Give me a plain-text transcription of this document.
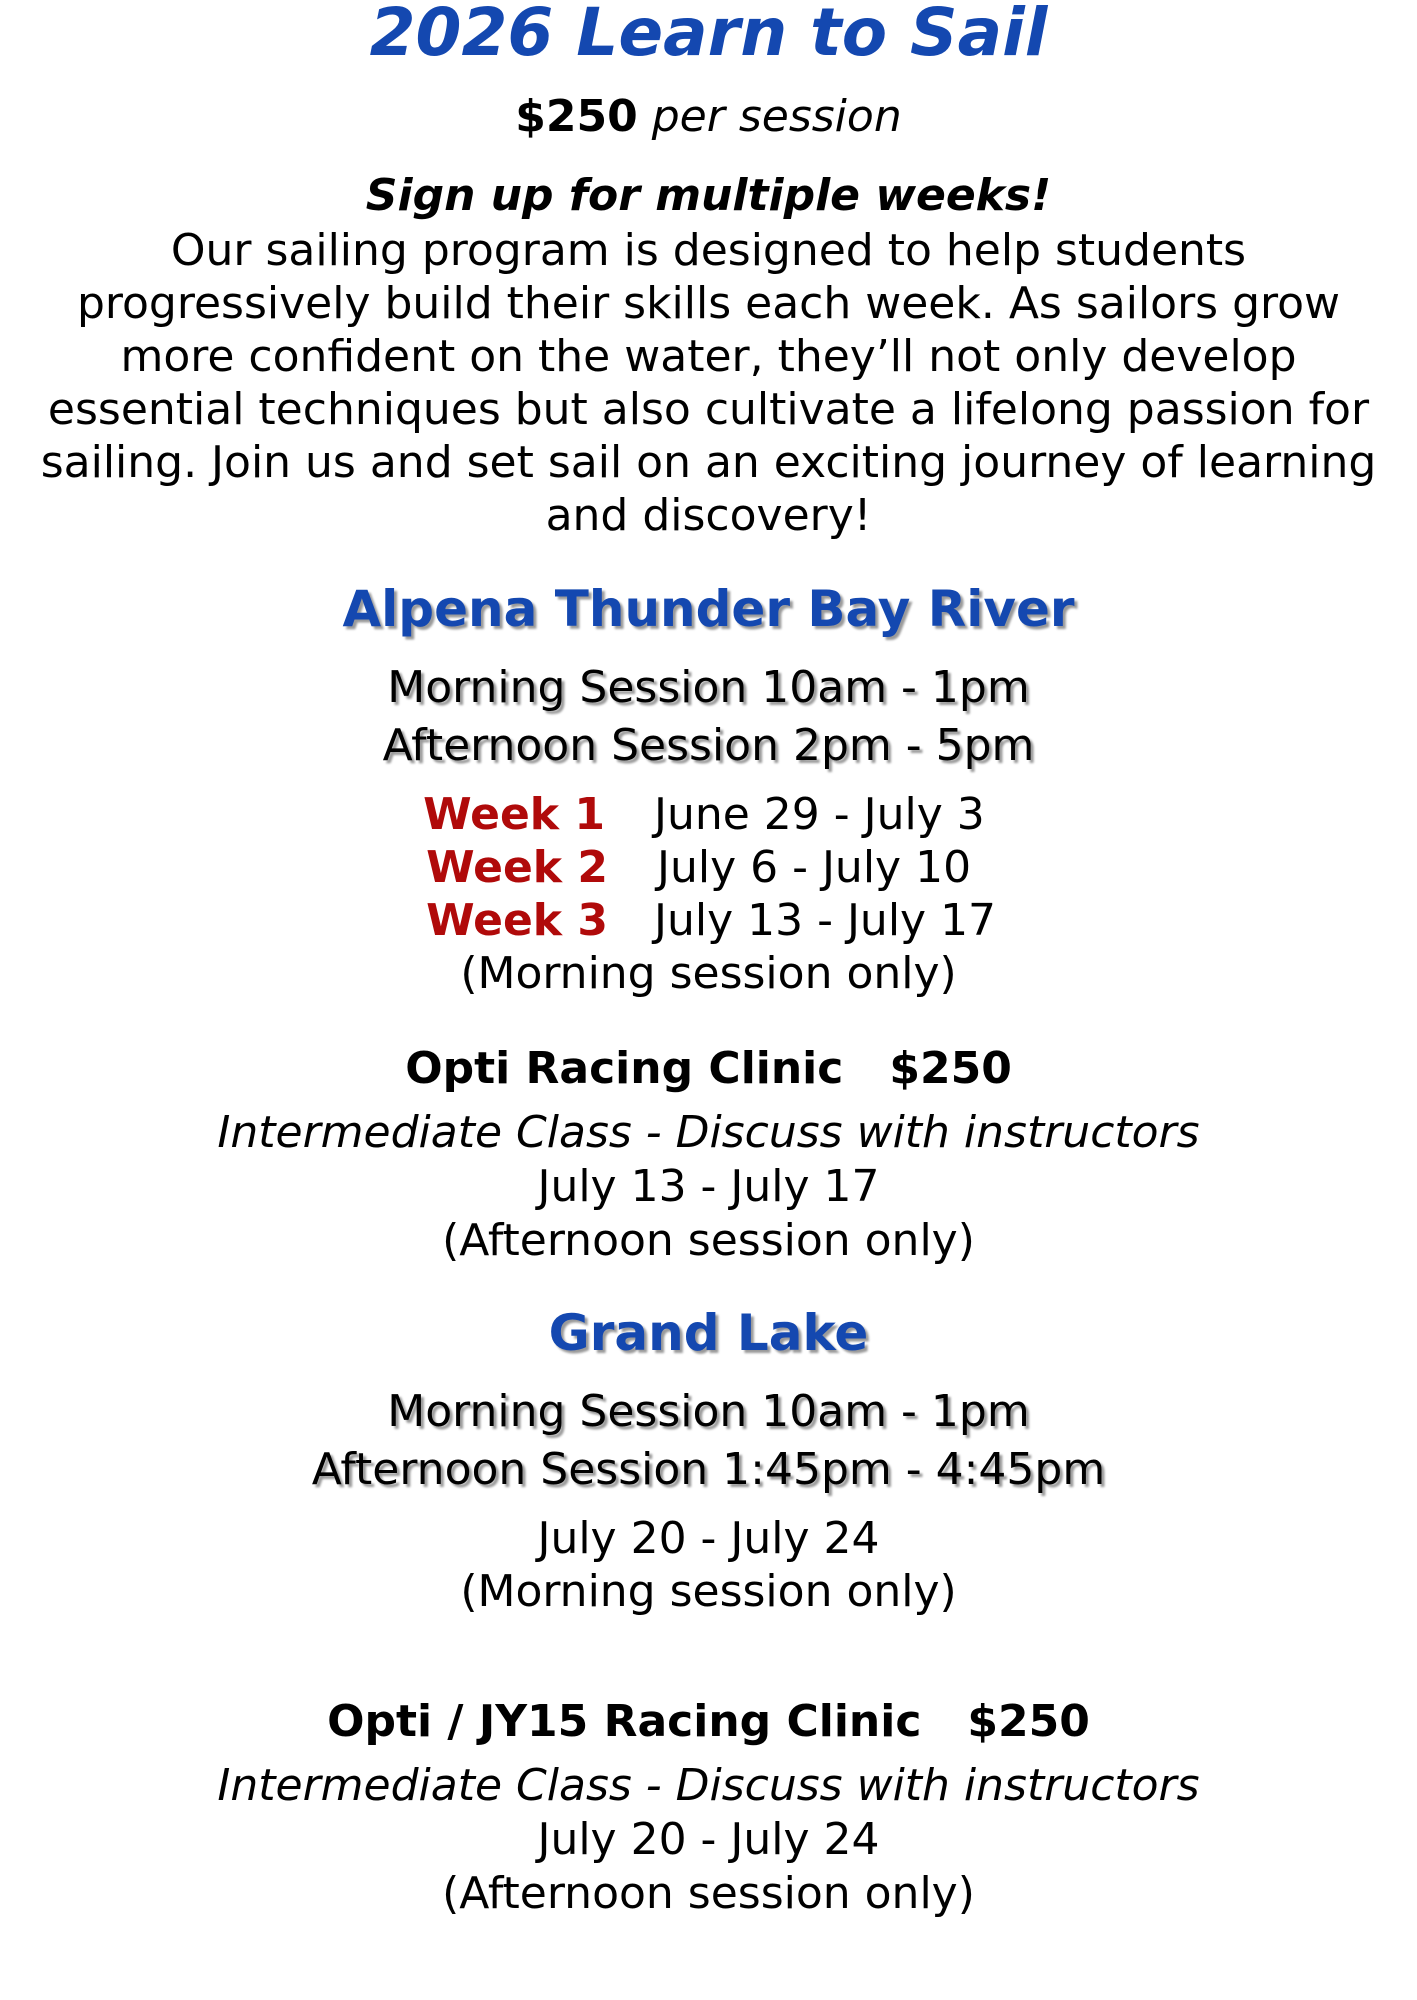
2026 Learn to Sail
$250 per session
Sign up for multiple weeks!
Our sailing program is designed to help students
progressively build their skills each week. As sailors grow
more confident on the water, they’ll not only develop
essential techniques but also cultivate a lifelong passion for
sailing. Join us and set sail on an exciting journey of learning
and discovery!
Alpena Thunder Bay River
Morning Session 10am - 1pm
Afternoon Session 2pm - 5pm
Week 1 June 29 - July 3
Week 2 July 6 - July 10
Week 3 July 13 - July 17
(Morning session only)
Opti Racing Clinic $250
Intermediate Class - Discuss with instructors
July 13 - July 17
(Afternoon session only)
Grand Lake
Morning Session 10am - 1pm
Afternoon Session 1:45pm - 4:45pm
July 20 - July 24
(Morning session only)
Opti / JY15 Racing Clinic $250
Intermediate Class - Discuss with instructors
July 20 - July 24
(Afternoon session only)
